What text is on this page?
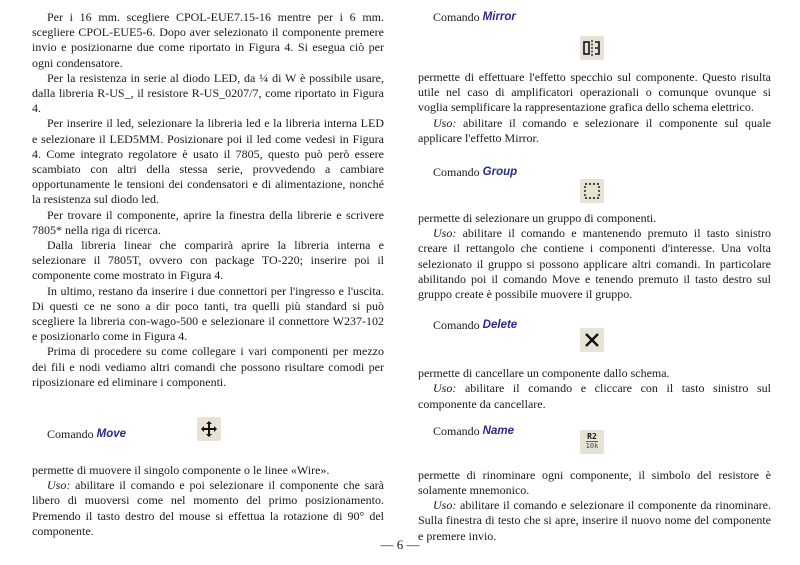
Per i 16 mm. scegliere CPOL-EUE7.15-16 mentre per i 6 mm. scegliere CPOL-EUE5-6. Dopo aver selezionato il componente premere invio e posizionarne due come riportato in Figura 4. Si esegua ciò per ogni condensatore.

Per la resistenza in serie al diodo LED, da ¼ di W è possibile usare, dalla libreria R-US_, il resistore R-US_0207/7, come riportato in Figura 4.

Per inserire il led, selezionare la libreria led e la libreria interna LED e selezionare il LED5MM. Posizionare poi il led come vedesi in Figura 4. Come integrato regolatore è usato il 7805, questo può però essere scambiato con altri della stessa serie, provvedendo a cambiare opportunamente le tensioni dei condensatori e di alimentazione, nonché la resistenza sul diodo led.

Per trovare il componente, aprire la finestra della librerie e scrivere 7805* nella riga di ricerca.

Dalla libreria linear che comparirà aprire la libreria interna e selezionare il 7805T, ovvero con package TO-220; inserire poi il componente come mostrato in Figura 4.

In ultimo, restano da inserire i due connettori per l'ingresso e l'uscita. Di questi ce ne sono a dir poco tanti, tra quelli più standard si può scegliere la libreria con-wago-500 e selezionare il connettore W237-102 e posizionarlo come in Figura 4.

Prima di procedere su come collegare i vari componenti per mezzo dei fili e nodi vediamo altri comandi che possono risultare comodi per riposizionare ed eliminare i componenti.

Comando
Move

permette di muovere il singolo componente o le linee «Wire».

Uso: abilitare il comando e poi selezionare il componente che sarà libero di muoversi come nel momento del primo posizionamento. Premendo il tasto destro del mouse si effettua la rotazione di 90° del componente.

Comando
Mirror

permette di effettuare l'effetto specchio sul componente. Questo risulta utile nel caso di amplificatori operazionali o comunque ovunque si voglia semplificare la rappresentazione grafica dello schema elettrico.

Uso: abilitare il comando e selezionare il componente sul quale applicare l'effetto Mirror.

Comando
Group

permette di selezionare un gruppo di componenti.

Uso: abilitare il comando e mantenendo premuto il tasto sinistro creare il rettangolo che contiene i componenti d'interesse. Una volta selezionato il gruppo si possono applicare altri comandi. In particolare abilitando poi il comando Move e tenendo premuto il tasto destro sul gruppo create è possibile muovere il gruppo.

Comando
Delete

permette di cancellare un componente dallo schema.

Uso: abilitare il comando e cliccare con il tasto sinistro sul componente da cancellare.

Comando
Name	R2
10k

permette di rinominare ogni componente, il simbolo del resistore è solamente mnemonico.

Uso: abilitare il comando e selezionare il componente da rinominare. Sulla finestra di testo che si apre, inserire il nuovo nome del componente e premere invio.

— 6 —
